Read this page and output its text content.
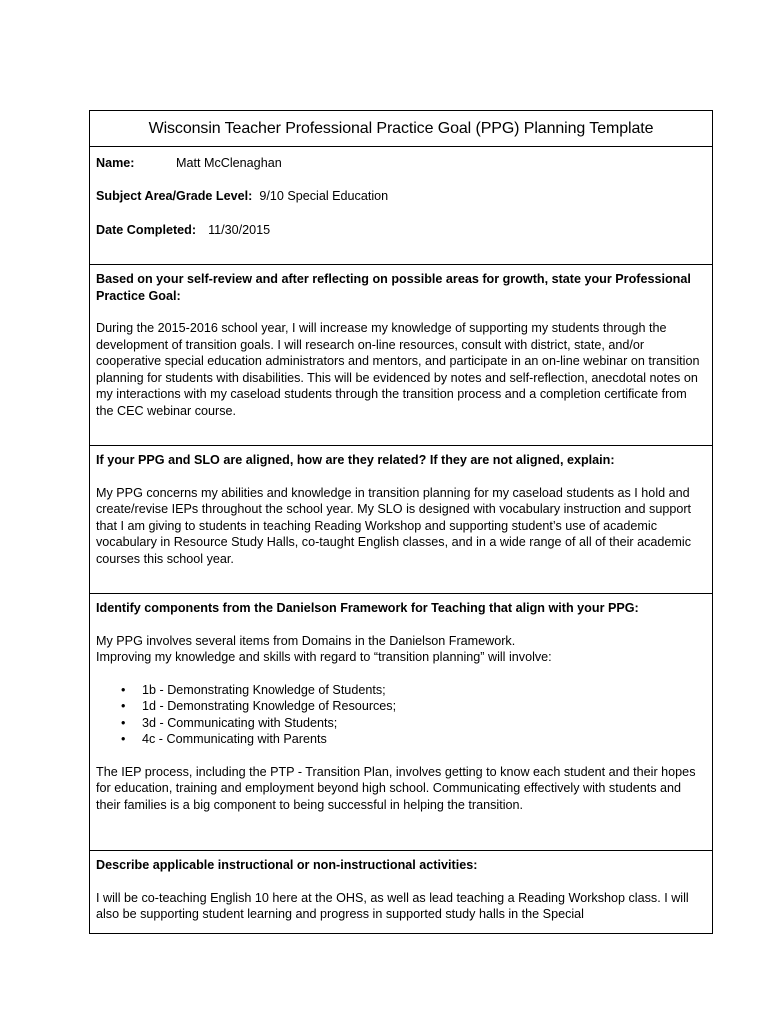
Wisconsin Teacher Professional Practice Goal (PPG) Planning Template
Name:	Matt McClenaghan
Subject Area/Grade Level: 9/10 Special Education
Date Completed: 11/30/2015

Based on your self-review and after reflecting on possible areas for growth, state your Professional Practice Goal:

During the 2015-2016 school year, I will increase my knowledge of supporting my students through the development of transition goals. I will research on-line resources, consult with district, state, and/or cooperative special education administrators and mentors, and participate in an on-line webinar on transition planning for students with disabilities. This will be evidenced by notes and self-reflection, anecdotal notes on my interactions with my caseload students through the transition process and a completion certificate from the CEC webinar course.

If your PPG and SLO are aligned, how are they related? If they are not aligned, explain:

My PPG concerns my abilities and knowledge in transition planning for my caseload students as I hold and create/revise IEPs throughout the school year. My SLO is designed with vocabulary instruction and support that I am giving to students in teaching Reading Workshop and supporting student’s use of academic vocabulary in Resource Study Halls, co-taught English classes, and in a wide range of all of their academic courses this school year.

Identify components from the Danielson Framework for Teaching that align with your PPG:

My PPG involves several items from Domains in the Danielson Framework.

Improving my knowledge and skills with regard to “transition planning” will involve:

• 1b - Demonstrating Knowledge of Students;
• 1d - Demonstrating Knowledge of Resources;
• 3d - Communicating with Students;
• 4c - Communicating with Parents

The IEP process, including the PTP - Transition Plan, involves getting to know each student and their hopes for education, training and employment beyond high school. Communicating effectively with students and their families is a big component to being successful in helping the transition.

Describe applicable instructional or non-instructional activities:

I will be co-teaching English 10 here at the OHS, as well as lead teaching a Reading Workshop class. I will also be supporting student learning and progress in supported study halls in the Special
